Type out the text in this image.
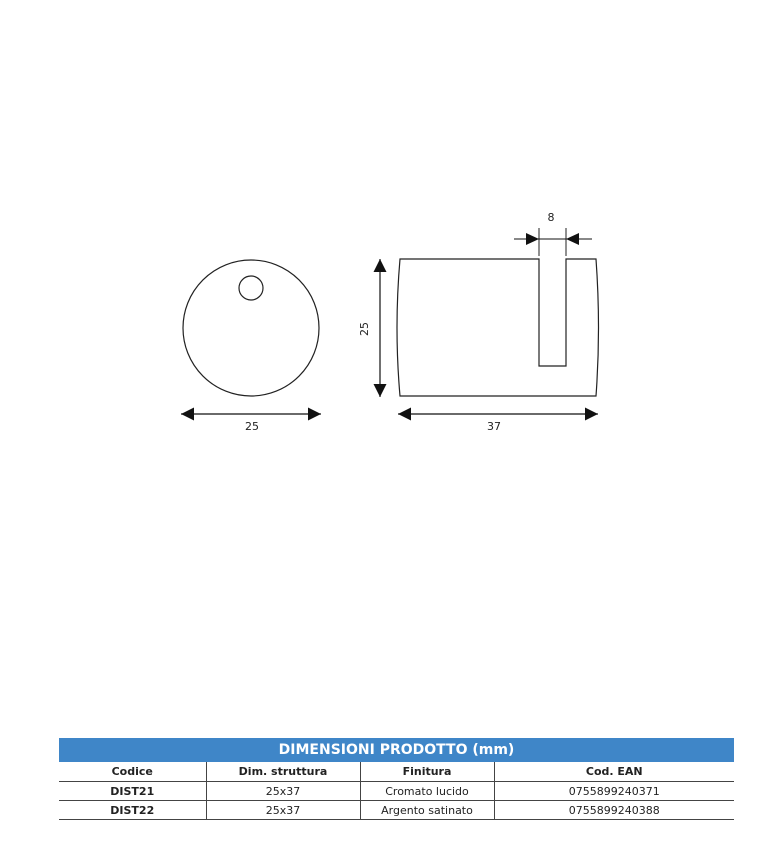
25
25
37
8
DIMENSIONI PRODOTTO (mm)
Codice	Dim. struttura	Finitura	Cod. EAN
DIST21	25x37	Cromato lucido	0755899240371
DIST22	25x37	Argento satinato	0755899240388
